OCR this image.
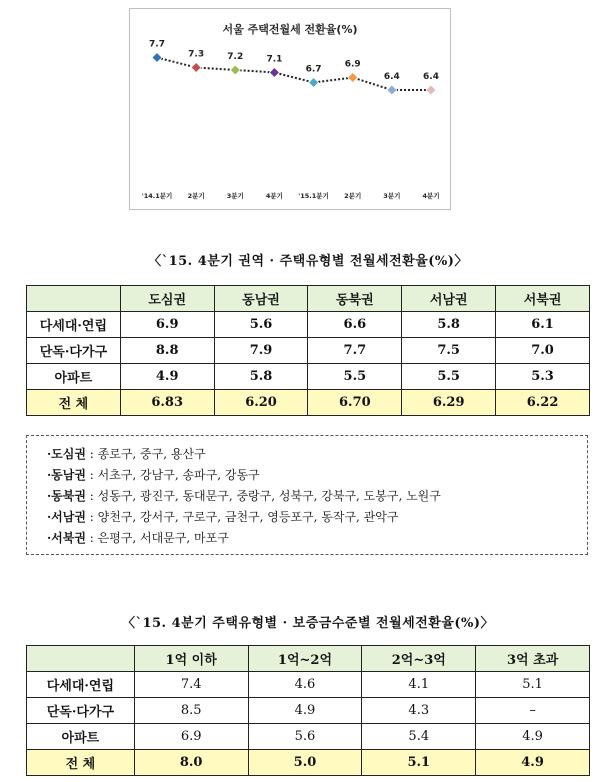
서울 주택전월세 전환율(%)
7.7
'14.1분기
7.3
2분기
7.2
3분기
7.1
4분기
6.7
'15.1분기
6.9
2분기
6.4
3분기
6.4
4분기
〈`15. 4분기 권역 · 주택유형별 전월세전환율(%)〉
	도심권	동남권	동북권	서남권	서북권
다세대·연립	6.9	5.6	6.6	5.8	6.1
단독·다가구	8.8	7.9	7.7	7.5	7.0
아파트	4.9	5.8	5.5	5.5	5.3
전 체	6.83	6.20	6.70	6.29	6.22
·도심권 : 종로구, 중구, 용산구
·동남권 : 서초구, 강남구, 송파구, 강동구
·동북권 : 성동구, 광진구, 동대문구, 중랑구, 성북구, 강북구, 도봉구, 노원구
·서남권 : 양천구, 강서구, 구로구, 금천구, 영등포구, 동작구, 관악구
·서북권 : 은평구, 서대문구, 마포구
〈`15. 4분기 주택유형별 · 보증금수준별 전월세전환율(%)〉
	1억 이하	1억~2억	2억~3억	3억 초과
다세대·연립	7.4	4.6	4.1	5.1
단독·다가구	8.5	4.9	4.3	–
아파트	6.9	5.6	5.4	4.9
전 체	8.0	5.0	5.1	4.9
